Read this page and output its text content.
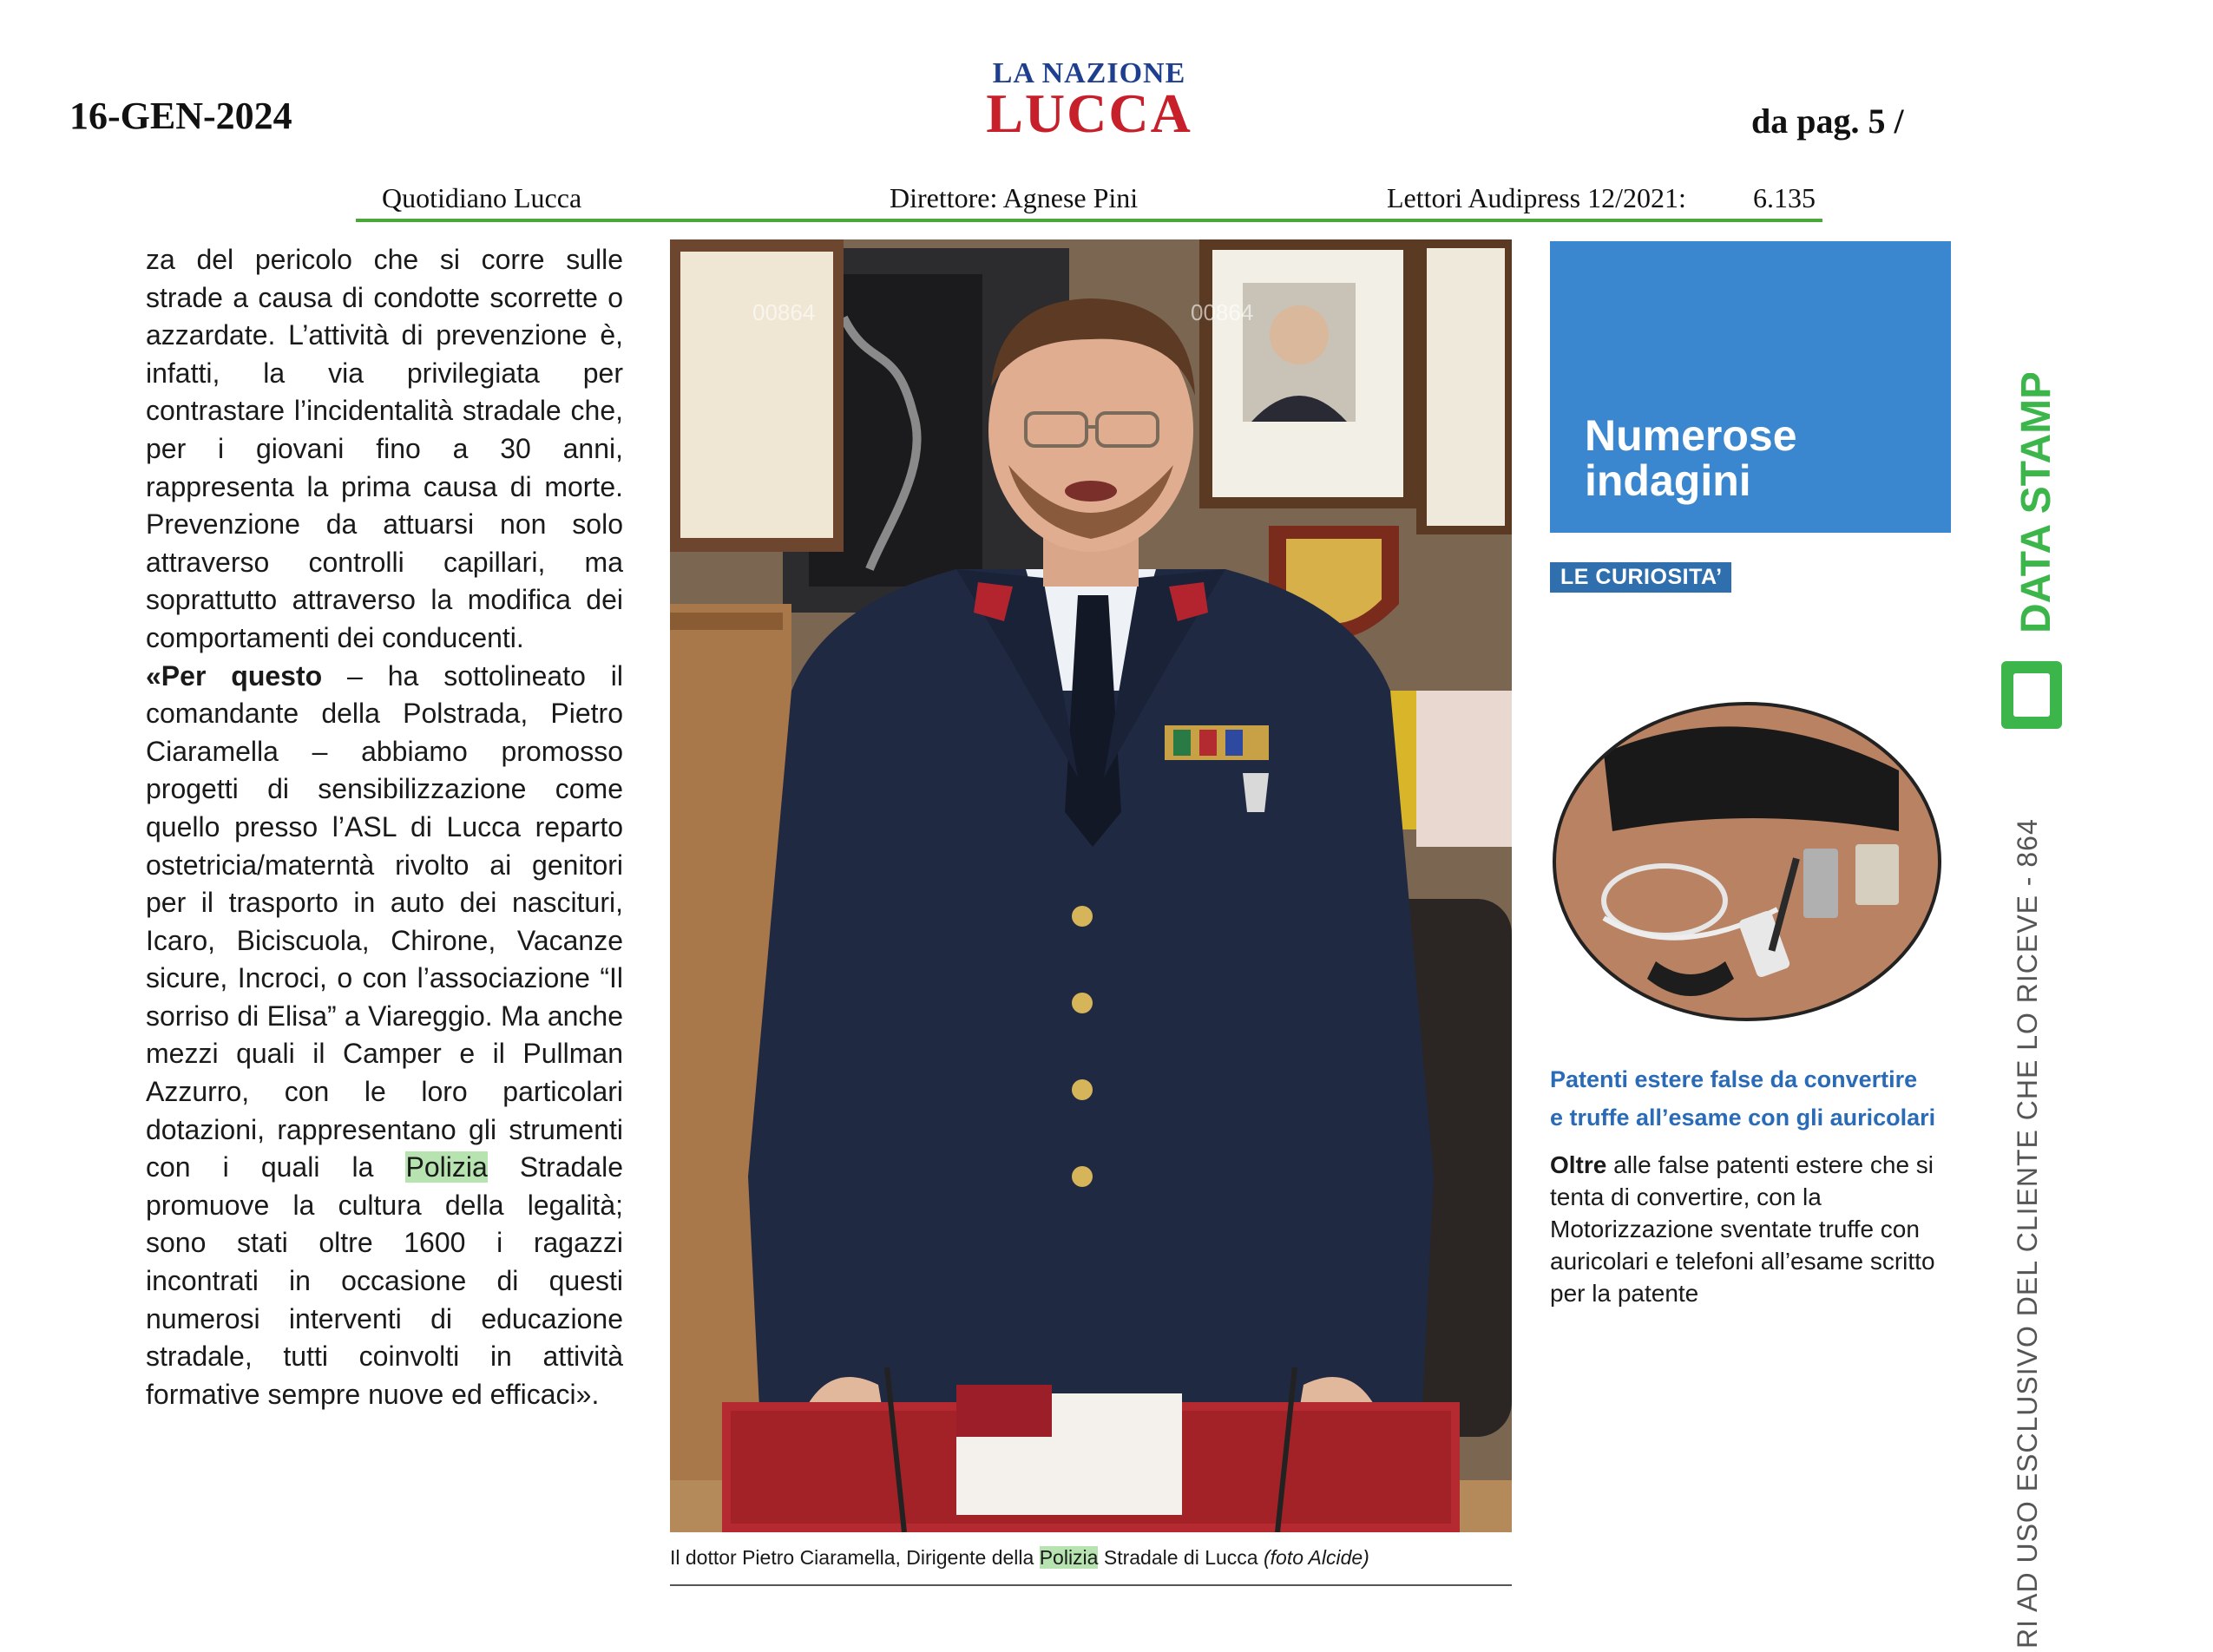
16-GEN-2024
LA NAZIONE
LUCCA	da pag. 5 /
Quotidiano Lucca	Direttore: Agnese Pini	Lettori Audipress 12/2021: 6.135

za del pericolo che si corre sulle strade a causa di condotte scorrette o azzardate. L’attività di prevenzione è, infatti, la via privilegiata per contrastare l’incidentalità stradale che, per i giovani fino a 30 anni, rappresenta la prima causa di morte. Prevenzione da attuarsi non solo attraverso controlli capillari, ma soprattutto attraverso la modifica dei comportamenti dei conducenti.

«Per questo – ha sottolineato il comandante della Polstrada, Pietro Ciaramella – abbiamo promosso progetti di sensibilizzazione come quello presso l’ASL di Lucca reparto ostetricia/materntà rivolto ai genitori per il trasporto in auto dei nascituri, Icaro, Biciscuola, Chirone, Vacanze sicure, Incroci, o con l’associazione “Il sorriso di Elisa” a Viareggio. Ma anche mezzi quali il Camper e il Pullman Azzurro, con le loro particolari dotazioni, rappresentano gli strumenti con i quali la Polizia Stradale promuove la cultura della legalità; sono stati oltre 1600 i ragazzi incontrati in occasione di questi numerosi interventi di educazione stradale, tutti coinvolti in attività formative sempre nuove ed efficaci».

00864	00864
Il dottor Pietro Ciaramella, Dirigente della Polizia Stradale di Lucca (foto Alcide)
Numerose
indagini
LE CURIOSITA’
Patenti estere false da convertire
e truffe all’esame con gli auricolari
Oltre alle false patenti estere che si tenta di convertire, con la Motorizzazione sventate truffe con auricolari e telefoni all’esame scritto per la patente
DATA STAMPA
RI AD USO ESCLUSIVO DEL CLIENTE CHE LO RICEVE - 864
